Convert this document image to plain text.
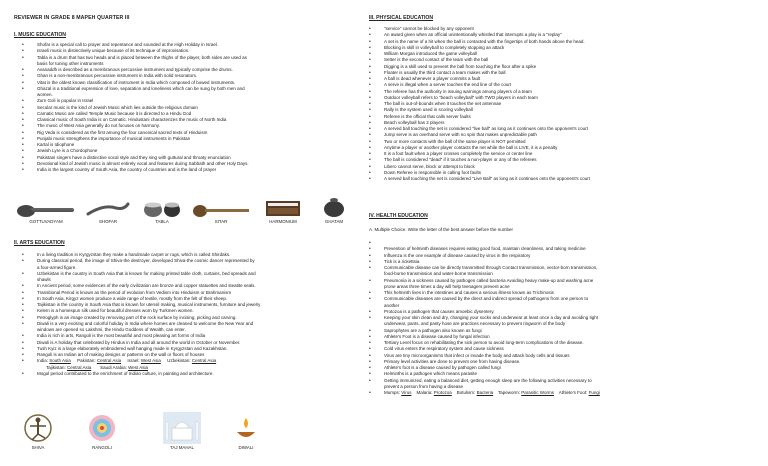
REVIEWER IN GRADE 8 MAPEH QUARTER III
I. MUSIC EDUCATION
• Shofar is a special call to prayer and repentance and sounded at the High Holiday in Israel.
• Israeli music is distinctively unique because of its technique of improvisation.
• Tabla is a drum that has two heads and is placed between the thighs of the player, both sides are used as
basis for tuning other instruments
• Avanaddh is described as a membranous percussive instrument and typically comprise the drums.
• Ghan is a non-membranous percussive instrument in India with solid resonators.
• Vitat is the oldest known classification of instrument in India which composed of bowed instruments.
• Ghazal is a traditional expression of love, separation and loneliness which can be sung by both men and
women.
• Zurn Goli is popular in Israel
• Secular music is the kind of Jewish Music which lies outside the religious domain
• Carnatic Music are called Temple Music because it is directed to a Hindu God
• Classical music of South India is on Carnatic. Hindustani characterizes the music of North India
• The music of West Asia generally do not focuses on harmony.
• Rig Veda is considered as the first among the four canonical sacred texts of Hinduism
• Punjabi music strengthens the importance of musical instruments in Pakistan
• Kartal is Idiophone
• Jewish Lyre is a Chordophone
• Pakistani singers have a distinctive vocal style and they sing with guttural and throaty enunciation
• Devotional kind of Jewish music is almost entirely vocal and features during Sabbath and other Holy Days.
• India is the largest country of South Asia, the country of countries and is the land of prayer
GOTTUVADYAM	SHOFAR	TABLA	SITAR	HARMONIUM	GHATAM
II. ARTS EDUCATION
• In a living tradition in Kyrgyzstan they make a handmade carpet or rugs, which is called Shirdaks.
• During classical period, the image of Shiva-the destroyer, developed Shiva-the cosmic dancer represented by
a four-armed figure.
• Uzbekistan is the country in South Asia that is known for making printed table cloth, curtains, bed spreads and
shawls
• In Ancient period, some evidences of the early civilization are bronze and copper statuettes and steatite seals.
• Transitional Period is known as the period of evolution from Vedism into Hinduism or Brahmanism
• In South Asia, Kirgyz women produce a wide range of textile, mostly from the felt of their sheep.
• Tajikistan is the country in South Asia that is known for utensil making, musical instruments, furniture and jewelry
• Kelem is a homespun silk used for beautiful dresses worn by Turkmen women.
• Petroglyph is an image created by removing part of the rock surface by incising, picking and carving.
• Diwali is a very exciting and colorful holiday in India where homes are cleaned to welcome the New Year and
windows are opened so Lakshmi, the Hindu Goddess of Wealth, can enter.
• India is rich in arts, Rangoli is the most beautiful and most pleasing art forms of India
• Diwali is A holiday that celebrated by Hindus in India and all around the world in October or November.
• Tush Kyiz is a large elaborately embroidered wall hanging made in Kyrgyzstan and Kazakhstan.
• Rangoli is an Indian art of making designs or patterns on the wall or floors of houses
• India: South Asia Pakistan: Central Asia Israel: West Asia Uzbekistan: Central Asia
Tajikistan: Central Asia Saudi Arabia: West Asia
• Mogul period contributed to the enrichment of Indian culture, in painting and architecture.
SHIVA	RANGOLI	TAJ MAHAL	DIWALI
III. PHYSICAL EDUCATION
• "service" cannot be blocked by any opponent
• An award given when an official unintentionally whistled that interrupts a play is a "replay"
• A set is the name of a hit when the ball is contacted with the fingertips of both hands above the head.
• Blocking is skill in volleyball to completely stopping an attack
• William Morgan introduced the game volleyball
• Setter is the second contact of the team with the ball
• Digging is a skill used to prevent the ball from touching the floor after a spike
• Floater is usually the third contact a team makes with the ball
• A ball is dead whenever a player commits a fault
• A serve is illegal when a server touches the end line of the court
• The referee has the authority in issuing warnings among players of a team
• Outdoor volleyball refers to "beach volleyball" with TWO players in each team
• The ball is out-of-bounds when it touches the net antennae
• Rally is the system used in scoring volleyball
• Referee is the official that calls server faults
• Beach volleyball has 2 players
• A served ball touching the net is considered "live ball" as long as it continues onto the opponent's court
• Jump serve is an overhand serve with no spin that makes unpredictable path
• Two or more contacts with the ball of the same player is NOT permitted
• Anytime a player or another player contacts the net while the ball is LIVE, it is a penalty
• It is a foot fault when a player crosses completely the service or center line
• The ball is considered "dead" if it touches a non-player or any of the referees
• Libero cannot serve, block or attempt to block
• Down Referee is responsible in calling foot faults
• A served ball touching the net is considered "Live Ball" as long as it continues onto the opponent's court
IV. HEALTH EDUCATION
A. Multiple Choice. Write the letter of the best answer before the number
•
• Prevention of helminth diseases requires eating good food, maintain cleanliness, and taking medicine
• Influenza is the one example of disease caused by virus in the respiratory
• Tick is a rickettsia
• Communicable disease can be directly transmitted through Contact transmission, vector-born transmission,
food-borne transmission and water-borne transmission
• Pneumonia is a sickness caused by pathogen called bacteria Avoiding heavy make-up and washing acne
prone areas three times a day will help teenagers prevent acne
• This helminth lives in the intestines and causes a serious illness known as Trichinosis
• Communicable diseases are caused by the direct and indirect spread of pathogens from one person to
another
• Protozoa is a pathogen that causes amoebic dysentery.
• Keeping your skin clean and dry, changing your socks and underwear at least once a day and avoiding tight
underwear, pants, and panty hose are practices necessary to prevent ringworm of the body
• Saprophytes are a pathogen also known as fungi
• Athlete's Foot is a disease caused by fungal infection
• Tertiary Level focus on rehabilitating the sick person to avoid long-term complications of the disease.
• Cold virus enters the respiratory system and cause sickness
• Virus are tiny microorganisms that infect or invade the body and attack body cells and tissues
• Primary level activities are done to prevent one from having disease.
• Athlete's foot is a disease caused by pathogen called fungi
• Helminths is a pathogen which means parasite
• Getting immunized, eating a balanced diet, getting enough sleep are the following activities necessary to
prevent a person from having a disease
• Mumps: Virus Malaria: Protozoa Botulism: Bacteria Tapeworm: Parasitic Worms Athlete's Foot: Fungi
